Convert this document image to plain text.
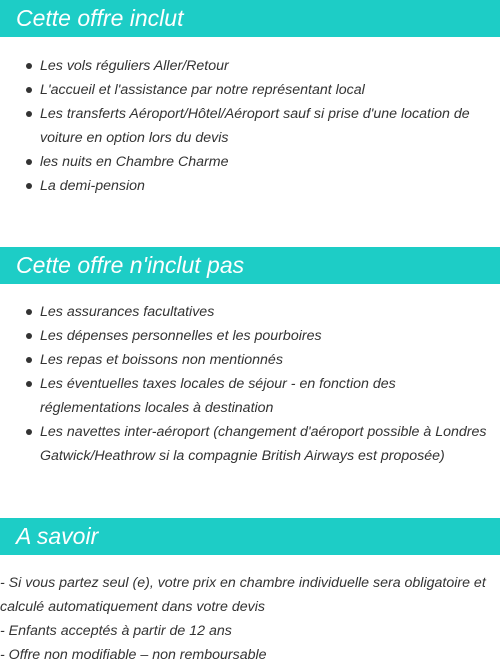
Cette offre inclut
Les vols réguliers Aller/Retour
L'accueil et l'assistance par notre représentant local
Les transferts Aéroport/Hôtel/Aéroport sauf si prise d'une location de voiture en option lors du devis
les nuits en Chambre Charme
La demi-pension
Cette offre n'inclut pas
Les assurances facultatives
Les dépenses personnelles et les pourboires
Les repas et boissons non mentionnés
Les éventuelles taxes locales de séjour - en fonction des réglementations locales à destination
Les navettes inter-aéroport (changement d'aéroport possible à Londres Gatwick/Heathrow si la compagnie British Airways est proposée)
A savoir

- Si vous partez seul (e), votre prix en chambre individuelle sera obligatoire et calculé automatiquement dans votre devis

- Enfants acceptés à partir de 12 ans

- Offre non modifiable – non remboursable
